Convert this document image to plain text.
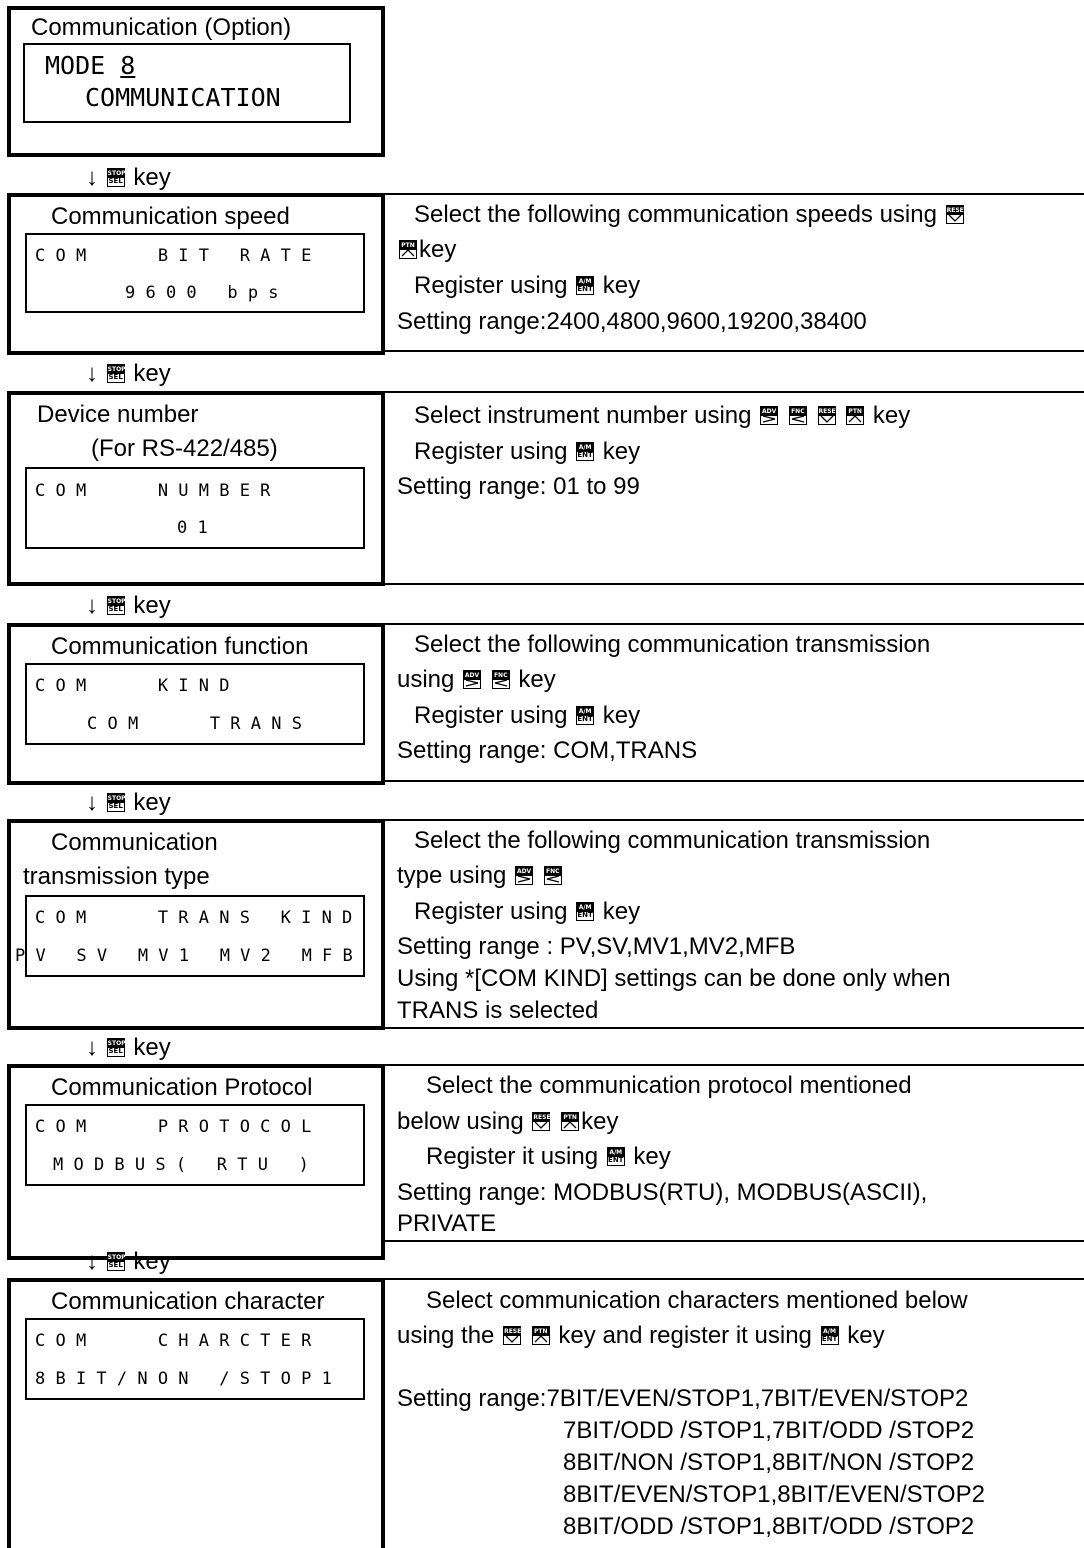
Communication (Option)
MODE 8
COMMUNICATION
↓ STOP
SEL key
Communication speed
C O M       B I T   R A T E
9 6 0 0   b p s
Select the following communication speeds using RESET
PTN key
Register using A/M
ENT key
Setting range:2400,4800,9600,19200,38400
↓ STOP
SEL key
Device number
(For RS-422/485)
C O M       N U M B E R
0 1
Select instrument number using ADV
FNC
RESET
PTN key
Register using A/M
ENT key
Setting range: 01 to 99
↓ STOP
SEL key
Communication function
C O M       K I N D
C O M       T R A N S
Select the following communication transmission
using ADV
FNC key
Register using A/M
ENT key
Setting range: COM,TRANS
↓ STOP
SEL key
Communication
transmission type
C O M       T R A N S   K I N D
P V   S V   M V 1   M V 2   M F B
Select the following communication transmission
type using ADV
FNC
Register using A/M
ENT key
Setting range : PV,SV,MV1,MV2,MFB
Using *[COM KIND] settings can be done only when
TRANS is selected
↓ STOP
SEL key
Communication Protocol
C O M       P R O T O C O L
M O D B U S (   R T U   )
Select the communication protocol mentioned
below using RESET
PTN key
Register it using A/M
ENT key
Setting range: MODBUS(RTU), MODBUS(ASCII),
PRIVATE
↓ STOP
SEL key
Communication character
C O M       C H A R C T E R
8 B I T / N O N   / S T O P 1
Select communication characters mentioned below
using the RESET
PTN key and register it using A/M
ENT key
Setting range:7BIT/EVEN/STOP1,7BIT/EVEN/STOP2
7BIT/ODD /STOP1,7BIT/ODD /STOP2
8BIT/NON /STOP1,8BIT/NON /STOP2
8BIT/EVEN/STOP1,8BIT/EVEN/STOP2
8BIT/ODD /STOP1,8BIT/ODD /STOP2
